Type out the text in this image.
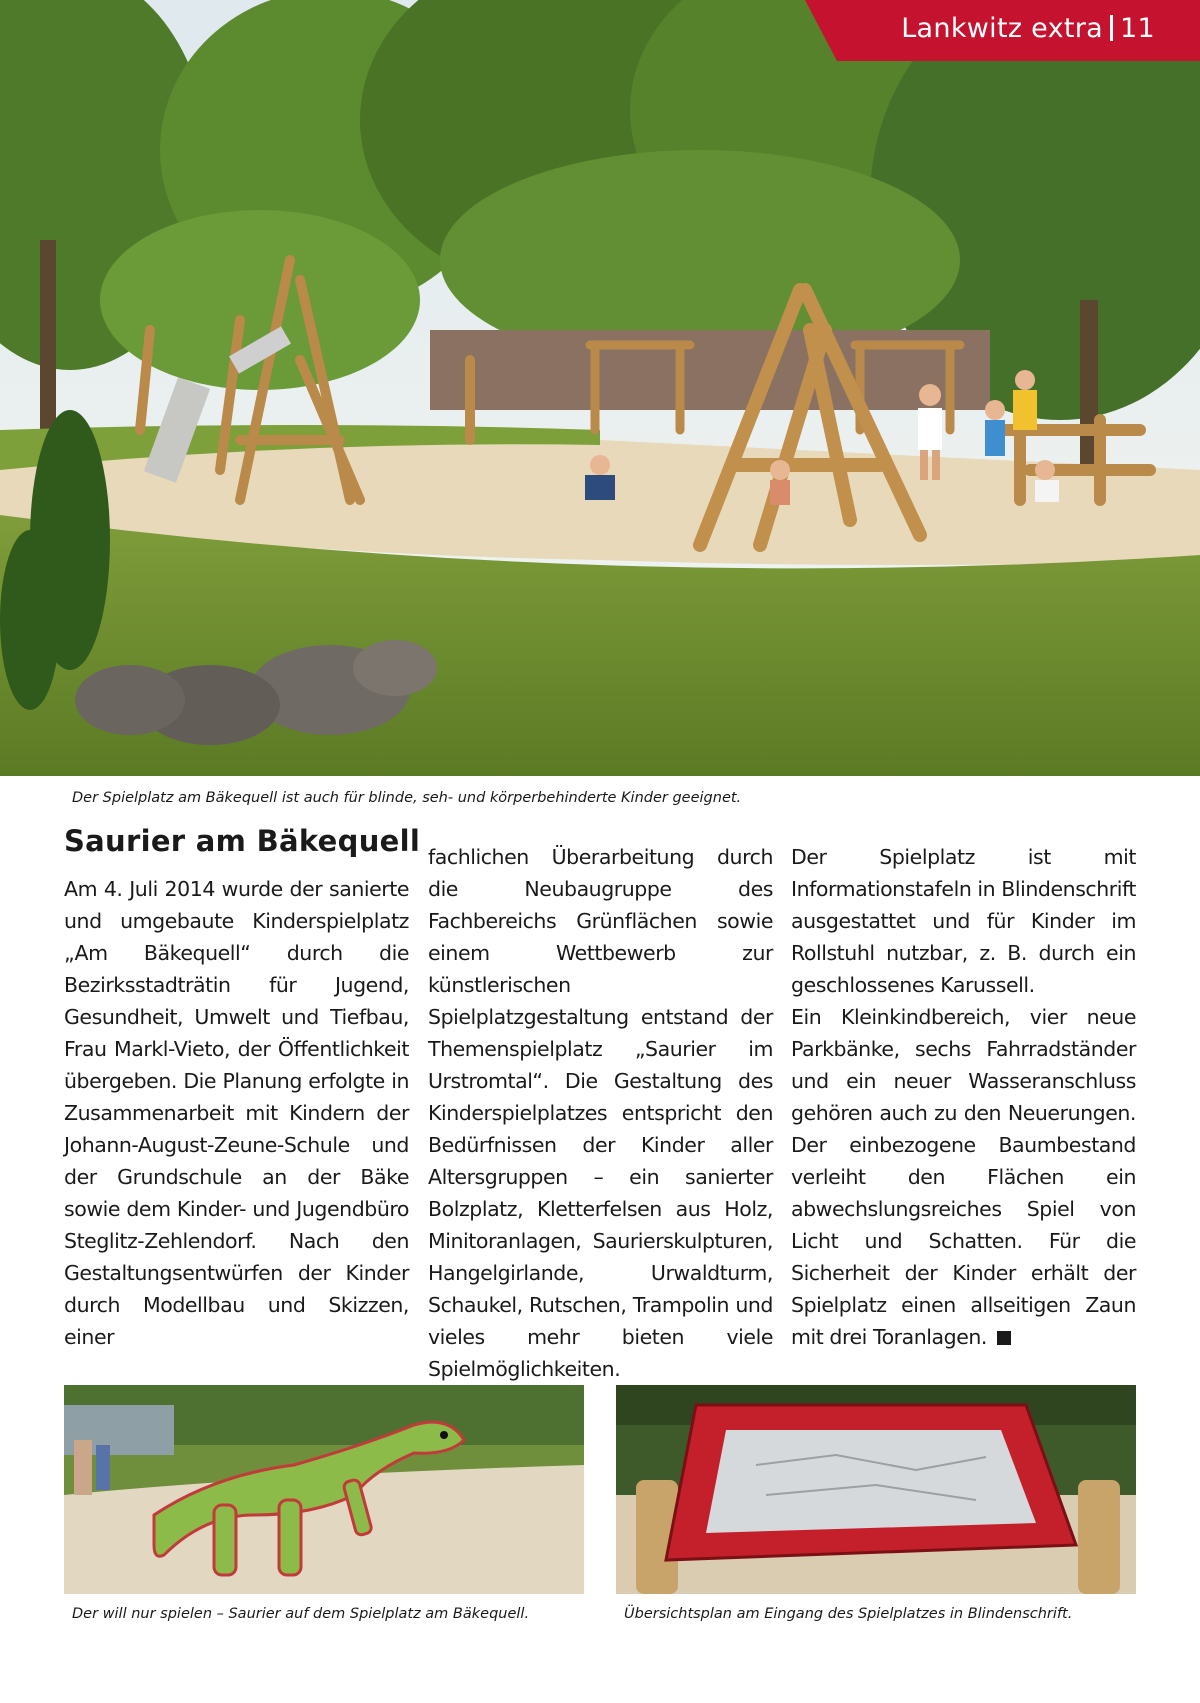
Lankwitz extra 11
Der Spielplatz am Bäkequell ist auch für blinde, seh- und körperbehinderte Kinder geeignet.
Saurier am Bäkequell

Am 4. Juli 2014 wurde der sanierte und umgebaute Kinderspielplatz „Am Bäkequell“ durch die Bezirksstadträtin für Jugend, Gesundheit, Umwelt und Tiefbau, Frau Markl-Vieto, der Öffentlichkeit übergeben. Die Planung erfolgte in Zusammenarbeit mit Kindern der Johann-August-Zeune-Schule und der Grundschule an der Bäke sowie dem Kinder- und Jugendbüro Steglitz-Zehlendorf. Nach den Gestaltungsentwürfen der Kinder durch Modellbau und Skizzen, einer

fachlichen Überarbeitung durch die Neubaugruppe des Fachbereichs Grünflächen sowie einem Wettbewerb zur künstlerischen Spielplatzgestaltung entstand der Themenspielplatz „Saurier im Urstromtal“. Die Gestaltung des Kinderspielplatzes entspricht den Bedürfnissen der Kinder aller Altersgruppen – ein sanierter Bolzplatz, Kletterfelsen aus Holz, Minitoranlagen, Saurierskulpturen, Hangelgirlande, Urwaldturm, Schaukel, Rutschen, Trampolin und vieles mehr bieten viele Spielmöglichkeiten.

Der Spielplatz ist mit Informationstafeln in Blindenschrift ausgestattet und für Kinder im Rollstuhl nutzbar, z. B. durch ein geschlossenes Karussell.

Ein Kleinkindbereich, vier neue Parkbänke, sechs Fahrradständer und ein neuer Wasseranschluss gehören auch zu den Neuerungen. Der einbezogene Baumbestand verleiht den Flächen ein abwechslungsreiches Spiel von Licht und Schatten. Für die Sicherheit der Kinder erhält der Spielplatz einen allseitigen Zaun mit drei Toranlagen.

Der will nur spielen – Saurier auf dem Spielplatz am Bäkequell.	Übersichtsplan am Eingang des Spielplatzes in Blindenschrift.
